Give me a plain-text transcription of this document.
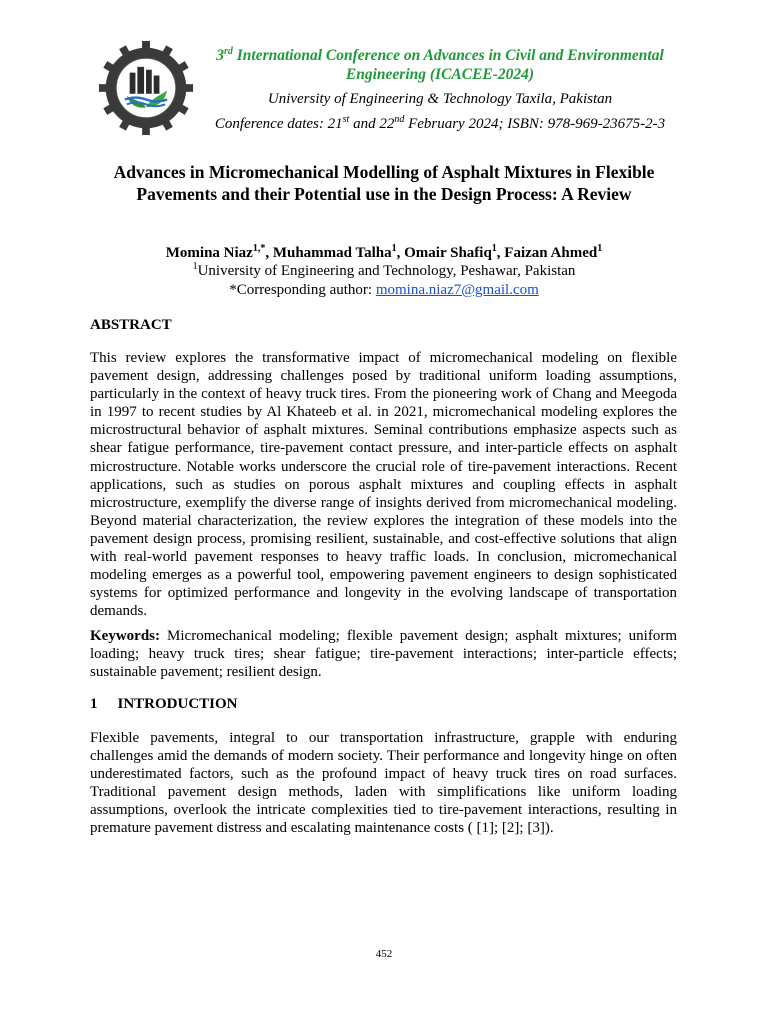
3rd International Conference on Advances in Civil and Environmental
Engineering (ICACEE-2024)
University of Engineering & Technology Taxila, Pakistan
Conference dates: 21st and 22nd February 2024; ISBN: 978-969-23675-2-3
Advances in Micromechanical Modelling of Asphalt Mixtures in Flexible
Pavements and their Potential use in the Design Process: A Review
Momina Niaz$^{1,*}$, Muhammad Talha$^1$, Omair Shafiq$^1$, Faizan Ahmed$^1$
$^1$University of Engineering and Technology, Peshawar, Pakistan
*Corresponding author: momina.niaz7@gmail.com
ABSTRACT
This review explores the transformative impact of micromechanical modeling on flexible pavement design, addressing challenges posed by traditional uniform loading assumptions, particularly in the context of heavy truck tires. From the pioneering work of Chang and Meegoda in 1997 to recent studies by Al Khateeb et al. in 2021, micromechanical modeling explores the microstructural behavior of asphalt mixtures. Seminal contributions emphasize aspects such as shear fatigue performance, tire-pavement contact pressure, and inter-particle effects on asphalt microstructure. Notable works underscore the crucial role of tire-pavement interactions. Recent applications, such as studies on porous asphalt mixtures and coupling effects in asphalt microstructure, exemplify the diverse range of insights derived from micromechanical modeling. Beyond material characterization, the review explores the integration of these models into the pavement design process, promising resilient, sustainable, and cost-effective solutions that align with real-world pavement responses to heavy traffic loads. In conclusion, micromechanical modeling emerges as a powerful tool, empowering pavement engineers to design sophisticated systems for optimized performance and longevity in the evolving landscape of transportation demands.
Keywords: Micromechanical modeling; flexible pavement design; asphalt mixtures; uniform loading; heavy truck tires; shear fatigue; tire-pavement interactions; inter-particle effects; sustainable pavement; resilient design.
1 INTRODUCTION
Flexible pavements, integral to our transportation infrastructure, grapple with enduring challenges amid the demands of modern society. Their performance and longevity hinge on often underestimated factors, such as the profound impact of heavy truck tires on road surfaces. Traditional pavement design methods, laden with simplifications like uniform loading assumptions, overlook the intricate complexities tied to tire-pavement interactions, resulting in premature pavement distress and escalating maintenance costs ( [1]; [2]; [3]).
452
